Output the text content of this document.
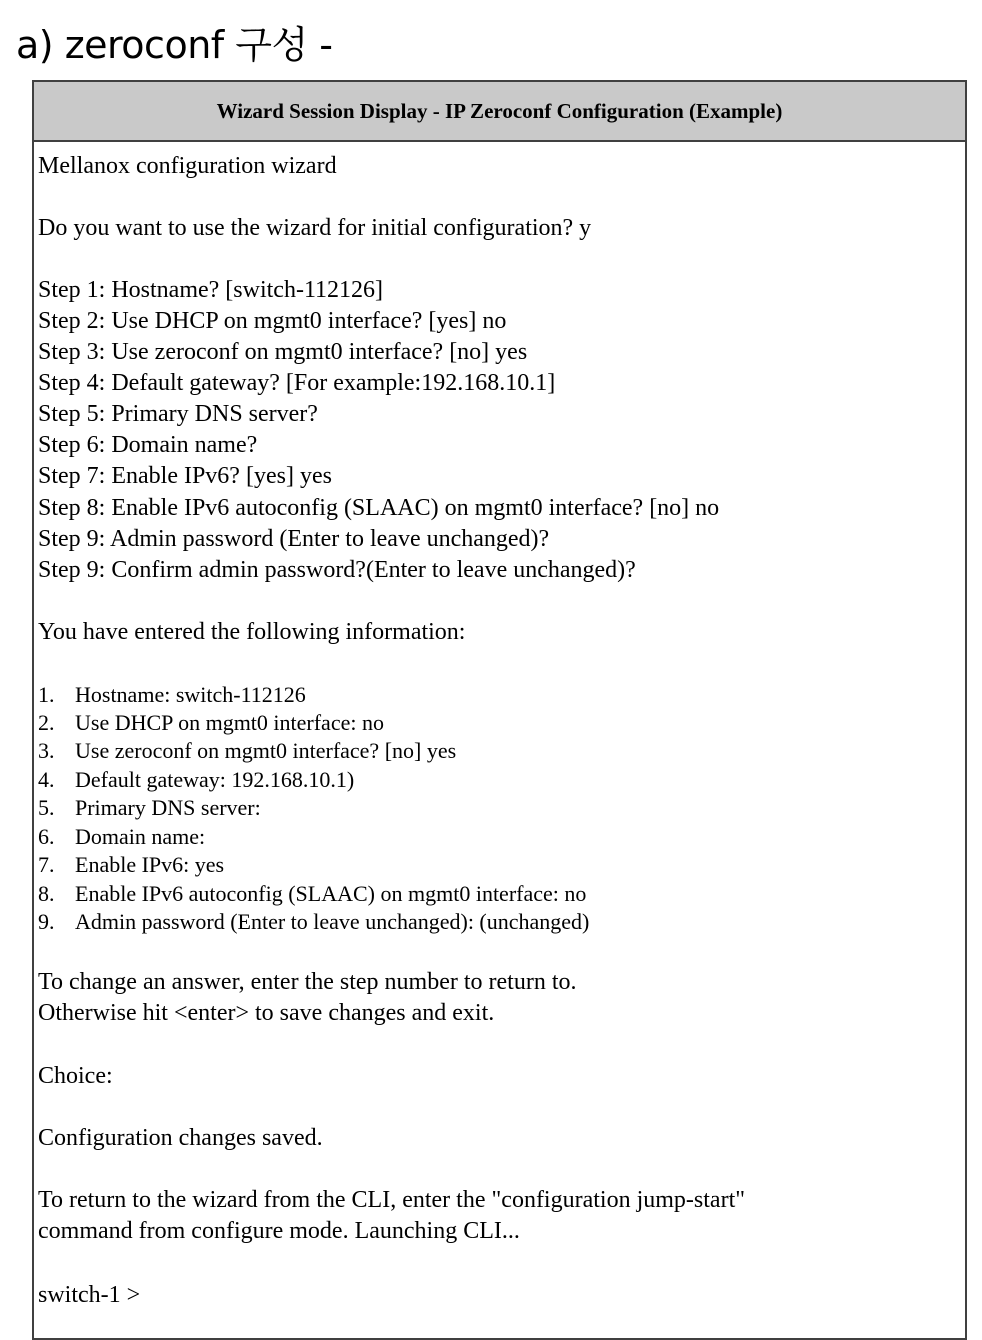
a) zeroconf 구성 -
Wizard Session Display - IP Zeroconf Configuration (Example)
Mellanox configuration wizard
Do you want to use the wizard for initial configuration? y
Step 1: Hostname? [switch-112126]
Step 2: Use DHCP on mgmt0 interface? [yes] no
Step 3: Use zeroconf on mgmt0 interface? [no] yes
Step 4: Default gateway? [For example:192.168.10.1]
Step 5: Primary DNS server?
Step 6: Domain name?
Step 7: Enable IPv6? [yes] yes
Step 8: Enable IPv6 autoconfig (SLAAC) on mgmt0 interface? [no] no
Step 9: Admin password (Enter to leave unchanged)?
Step 9: Confirm admin password?(Enter to leave unchanged)?
You have entered the following information:
1. Hostname: switch-112126
2. Use DHCP on mgmt0 interface: no
3. Use zeroconf on mgmt0 interface? [no] yes
4. Default gateway: 192.168.10.1)
5. Primary DNS server:
6. Domain name:
7. Enable IPv6: yes
8. Enable IPv6 autoconfig (SLAAC) on mgmt0 interface: no
9. Admin password (Enter to leave unchanged): (unchanged)
To change an answer, enter the step number to return to.
Otherwise hit <enter> to save changes and exit.
Choice:
Configuration changes saved.
To return to the wizard from the CLI, enter the "configuration jump-start"
command from configure mode. Launching CLI...
switch-1 >
